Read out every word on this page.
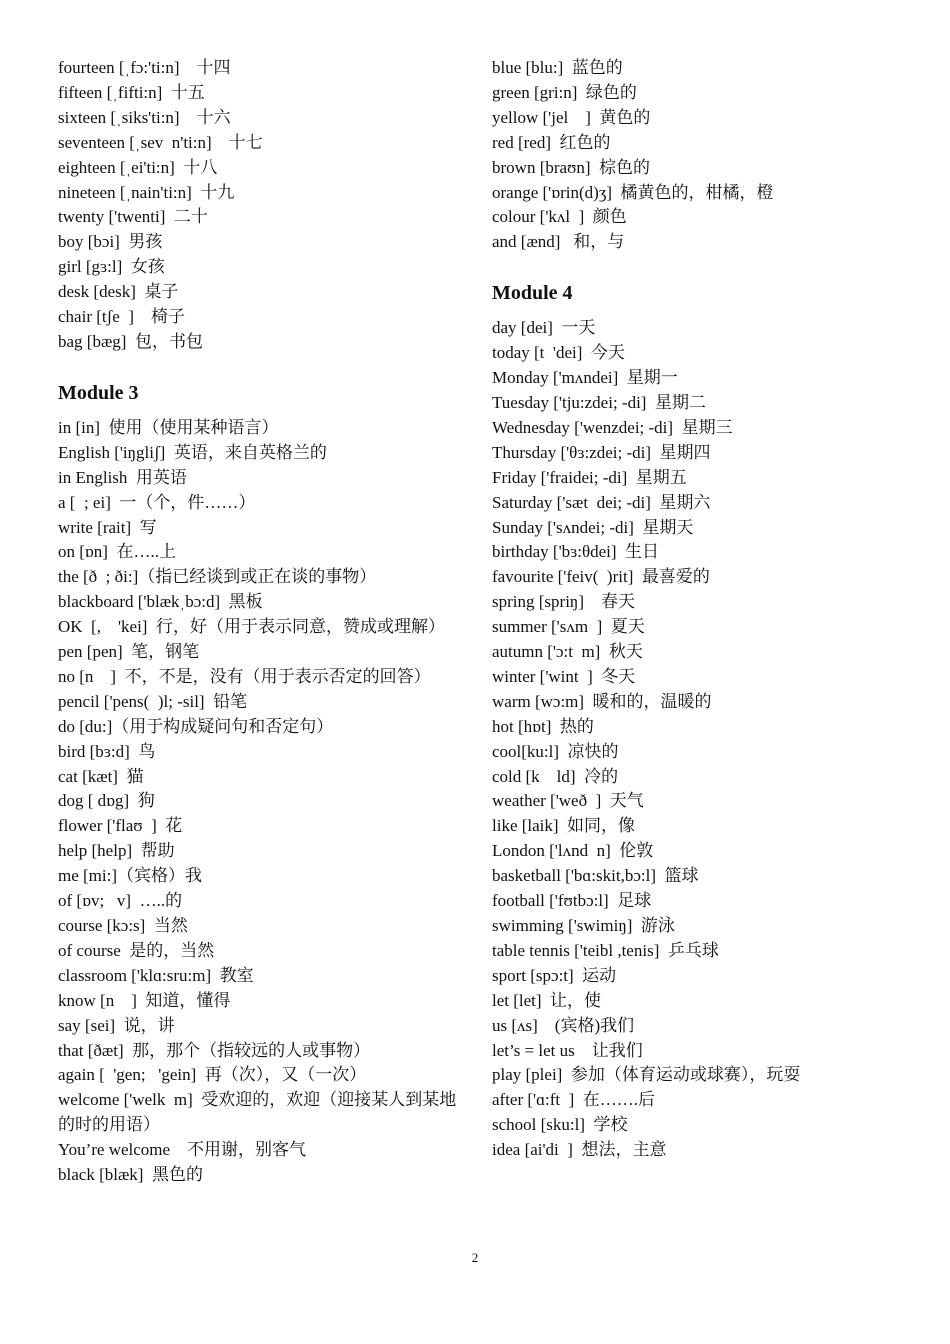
fourteen [ˌfɔ:'ti:n]    十四
fifteen [ˌfifti:n]  十五
sixteen [ˌsiks'ti:n]    十六
seventeen [ˌsev  n'ti:n]    十七
eighteen [ˌei'ti:n]  十八
nineteen [ˌnain'ti:n]  十九
twenty ['twenti]  二十
boy [bɔi]  男孩
girl [gɜ:l]  女孩
desk [desk]  桌子
chair [tʃe  ]    椅子
bag [bæg]  包，书包
Module 3
in [in]  使用（使用某种语言）
English ['iŋgliʃ]  英语，来自英格兰的
in English  用英语
a [  ; ei]  一（个，件……）
write [rait]  写
on [ɒn]  在…..上
the [ð  ; ði:]（指已经谈到或正在谈的事物）
blackboard ['blækˌbɔ:d]  黑板
OK  [,    'kei]  行，好（用于表示同意，赞成或理解）
pen [pen]  笔，钢笔
no [n    ]  不，不是，没有（用于表示否定的回答）
pencil ['pens(  )l; -sil]  铅笔
do [du:]（用于构成疑问句和否定句）
bird [bɜ:d]  鸟
cat [kæt]  猫
dog [ dɒg]  狗
flower ['flaʊ  ]  花
help [help]  帮助
me [mi:]（宾格）我
of [ɒv;   v]  …..的
course [kɔ:s]  当然
of course  是的，当然
classroom ['klɑ:sru:m]  教室
know [n    ]  知道，懂得
say [sei]  说，讲
that [ðæt]  那，那个（指较远的人或事物）
again [  'gen;   'gein]  再（次），又（一次）
welcome ['welk  m]  受欢迎的，欢迎（迎接某人到某地的时的用语）
You’re welcome    不用谢，别客气
black [blæk]  黑色的
blue [blu:]  蓝色的
green [gri:n]  绿色的
yellow ['jel    ]  黄色的
red [red]  红色的
brown [braʊn]  棕色的
orange ['ɒrin(d)ʒ]  橘黄色的，柑橘，橙
colour ['kʌl  ]  颜色
and [ænd]   和，与
Module 4
day [dei]  一天
today [t  'dei]  今天
Monday ['mʌndei]  星期一
Tuesday ['tju:zdei; -di]  星期二
Wednesday ['wenzdei; -di]  星期三
Thursday ['θɜ:zdei; -di]  星期四
Friday ['fraidei; -di]  星期五
Saturday ['sæt  dei; -di]  星期六
Sunday ['sʌndei; -di]  星期天
birthday ['bɜ:θdei]  生日
favourite ['feiv(  )rit]  最喜爱的
spring [spriŋ]    春天
summer ['sʌm  ]  夏天
autumn ['ɔ:t  m]  秋天
winter ['wint  ]  冬天
warm [wɔ:m]  暖和的，温暖的
hot [hɒt]  热的
cool[ku:l]  凉快的
cold [k    ld]  冷的
weather ['weð  ]  天气
like [laik]  如同，像
London ['lʌnd  n]  伦敦
basketball ['bɑ:skit,bɔ:l]  篮球
football ['fʊtbɔ:l]  足球
swimming ['swimiŋ]  游泳
table tennis ['teibl ,tenis]  乒乓球
sport [spɔ:t]  运动
let [let]  让，使
us [ʌs]    (宾格)我们
let’s = let us    让我们
play [plei]  参加（体育运动或球赛），玩耍
after ['ɑ:ft  ]  在…….后
school [sku:l]  学校
idea [ai'di  ]  想法，主意
2
